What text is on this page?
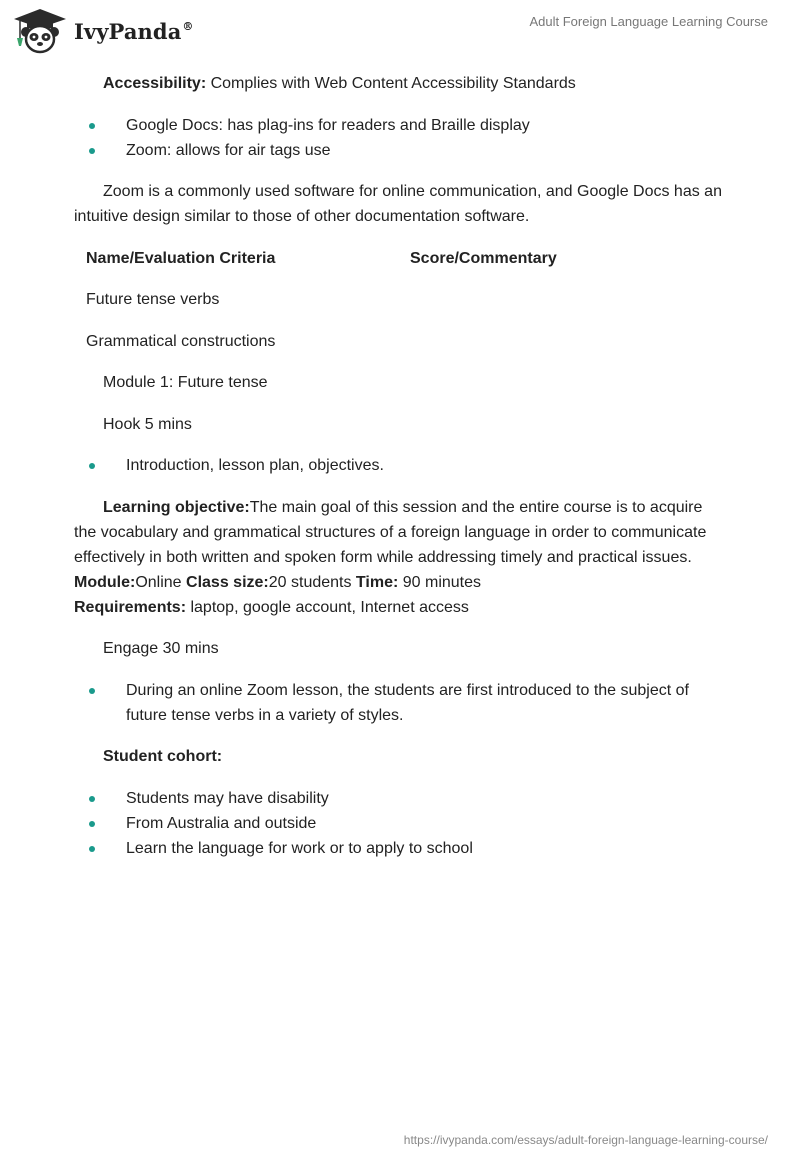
IvyPanda®	Adult Foreign Language Learning Course

Accessibility: Complies with Web Content Accessibility Standards

Google Docs: has plag-ins for readers and Braille display
Zoom: allows for air tags use

Zoom is a commonly used software for online communication, and Google Docs has an intuitive design similar to those of other documentation software.

Name/Evaluation Criteria	Score/Commentary

Future tense verbs

Grammatical constructions

Module 1: Future tense

Hook 5 mins

Introduction, lesson plan, objectives.

Learning objective:The main goal of this session and the entire course is to acquire the vocabulary and grammatical structures of a foreign language in order to communicate effectively in both written and spoken form while addressing timely and practical issues. Module:Online Class size:20 students Time: 90 minutes
Requirements: laptop, google account, Internet access

Engage 30 mins

During an online Zoom lesson, the students are first introduced to the subject of future tense verbs in a variety of styles.

Student cohort:

Students may have disability
From Australia and outside
Learn the language for work or to apply to school
https://ivypanda.com/essays/adult-foreign-language-learning-course/
